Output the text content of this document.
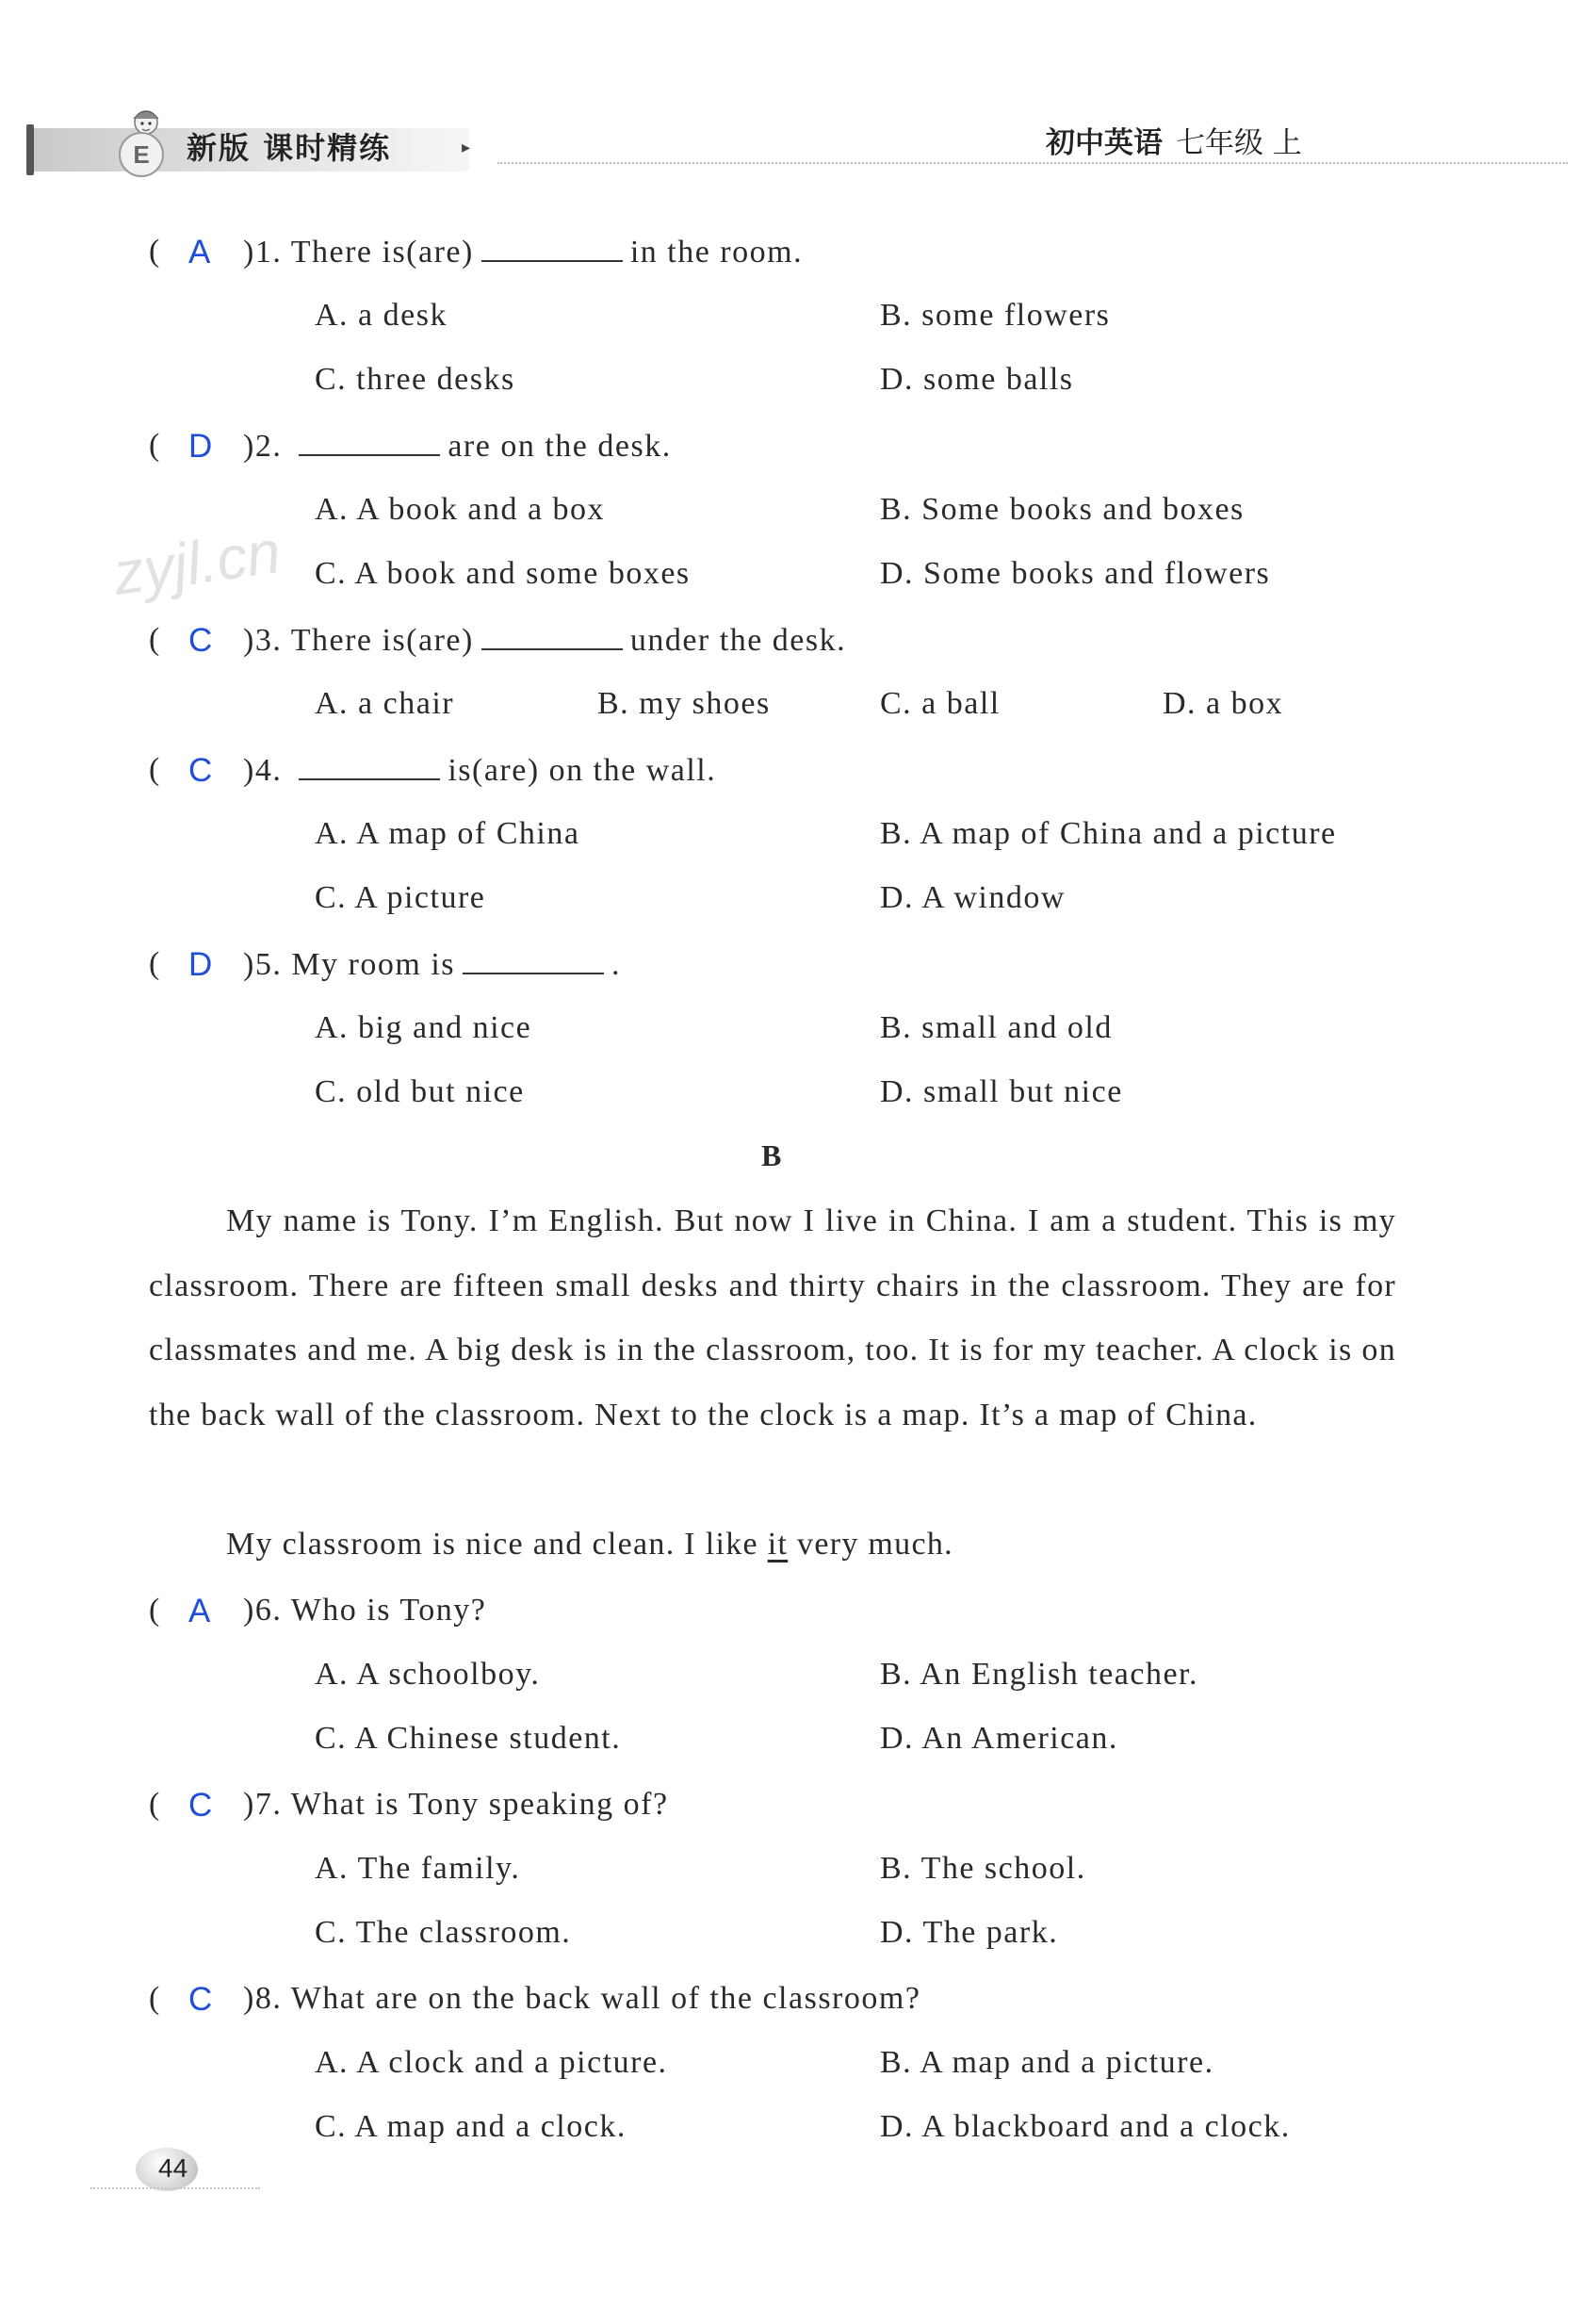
E	新版 课时精练	▸	初中英语 七年级 上
zyjl.cn
( A )1. There is(are)	in the room.
A. a desk	B. some flowers
C. three desks	D. some balls
( D )2.	are on the desk.
A. A book and a box	B. Some books and boxes
C. A book and some boxes	D. Some books and flowers
( C )3. There is(are)	under the desk.
A. a chair	B. my shoes	C. a ball	D. a box
( C )4.	is(are) on the wall.
A. A map of China	B. A map of China and a picture
C. A picture	D. A window
( D )5. My room is	.
A. big and nice	B. small and old
C. old but nice	D. small but nice
B
My name is Tony. I’m English. But now I live in China. I am a student. This is my classroom. There are fifteen small desks and thirty chairs in the classroom. They are for classmates and me. A big desk is in the classroom, too. It is for my teacher. A clock is on the back wall of the classroom. Next to the clock is a map. It’s a map of China.
My classroom is nice and clean. I like it very much.
( A )6. Who is Tony?
A. A schoolboy.	B. An English teacher.
C. A Chinese student.	D. An American.
( C )7. What is Tony speaking of?
A. The family.	B. The school.
C. The classroom.	D. The park.
( C )8. What are on the back wall of the classroom?
A. A clock and a picture.	B. A map and a picture.
C. A map and a clock.	D. A blackboard and a clock.
44
